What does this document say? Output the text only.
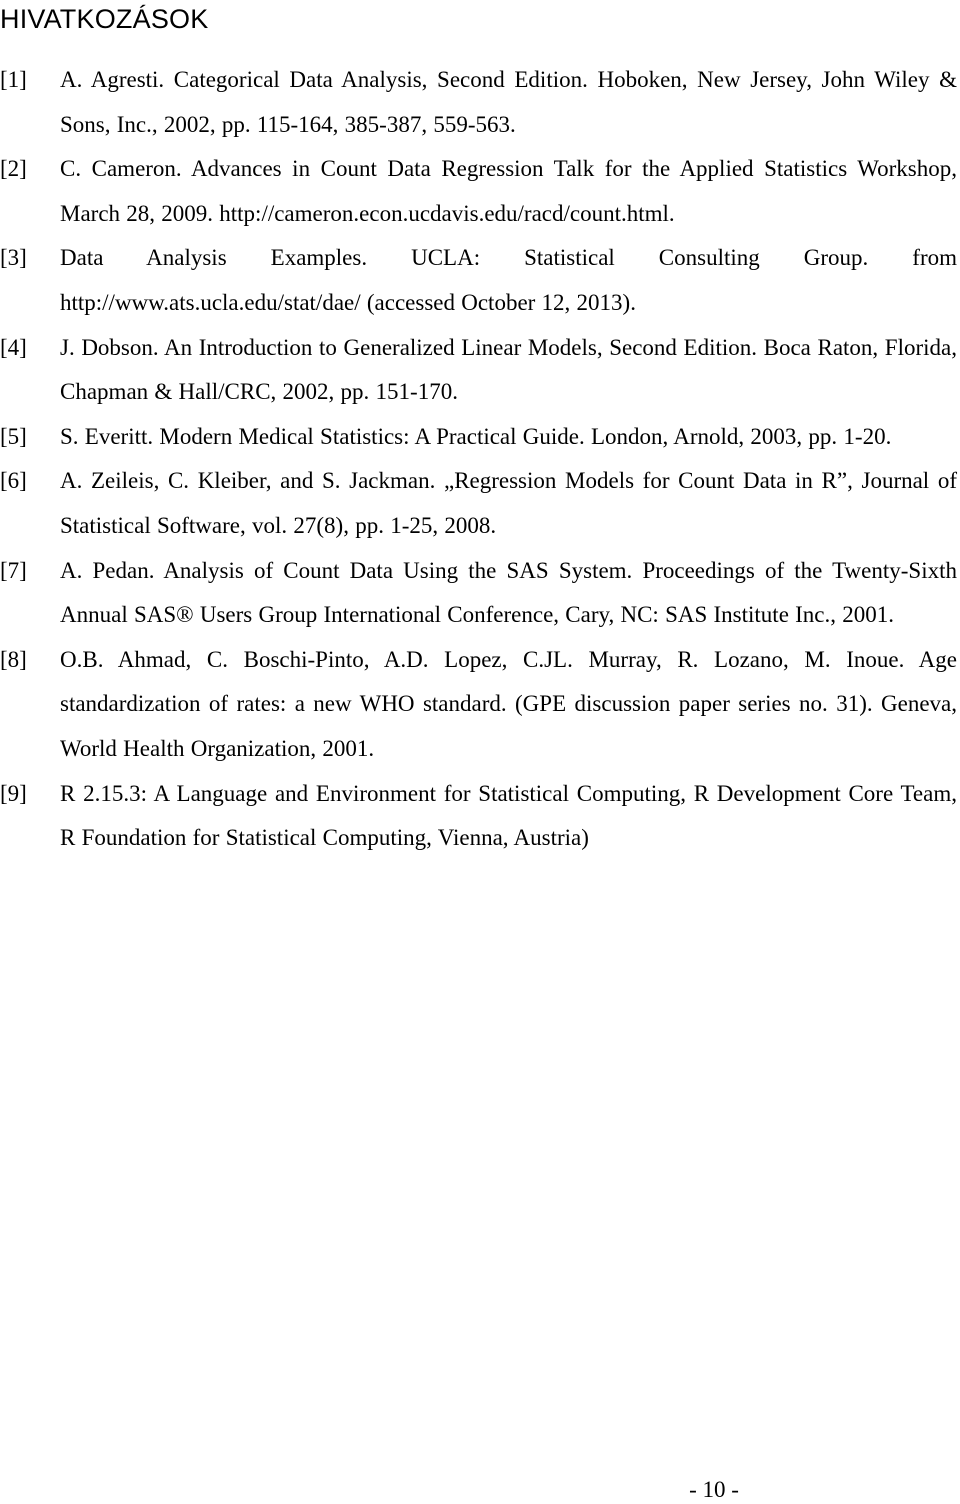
HIVATKOZÁSOK
[1]	A. Agresti. Categorical Data Analysis, Second Edition. Hoboken, New Jersey, John Wiley & Sons, Inc., 2002, pp. 115-164, 385-387, 559-563.
[2]	C. Cameron. Advances in Count Data Regression Talk for the Applied Statistics Workshop, March 28, 2009. http://cameron.econ.ucdavis.edu/racd/count.html.
[3]	Data Analysis Examples. UCLA: Statistical Consulting Group. from http://www.ats.ucla.edu/stat/dae/ (accessed October 12, 2013).
[4]	J. Dobson. An Introduction to Generalized Linear Models, Second Edition. Boca Raton, Florida, Chapman & Hall/CRC, 2002, pp. 151-170.
[5]	S. Everitt. Modern Medical Statistics: A Practical Guide. London, Arnold, 2003, pp. 1-20.
[6]	A. Zeileis, C. Kleiber, and S. Jackman. „Regression Models for Count Data in R”, Journal of Statistical Software, vol. 27(8), pp. 1-25, 2008.
[7]	A. Pedan. Analysis of Count Data Using the SAS System. Proceedings of the Twenty-Sixth Annual SAS® Users Group International Conference, Cary, NC: SAS Institute Inc., 2001.
[8]	O.B. Ahmad, C. Boschi-Pinto, A.D. Lopez, C.JL. Murray, R. Lozano, M. Inoue. Age standardization of rates: a new WHO standard. (GPE discussion paper series no. 31). Geneva, World Health Organization, 2001.
[9]	R 2.15.3: A Language and Environment for Statistical Computing, R Development Core Team, R Foundation for Statistical Computing, Vienna, Austria)
- 10 -
